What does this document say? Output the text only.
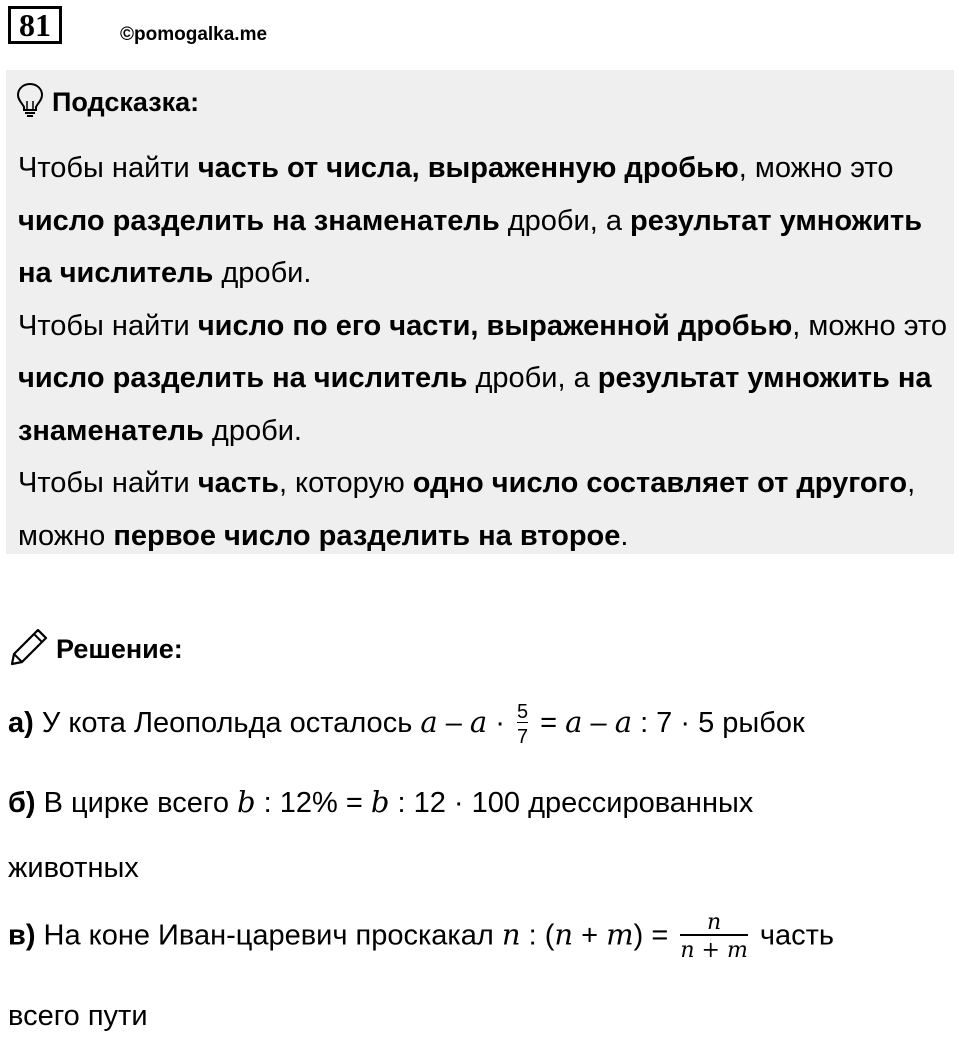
81	©pomogalka.me
Подсказка:

Чтобы найти часть от числа, выраженную дробью, можно это число разделить на знаменатель дроби, а результат умножить на числитель дроби.

Чтобы найти число по его части, выраженной дробью, можно это число разделить на числитель дроби, а результат умножить на знаменатель дроби.

Чтобы найти часть, которую одно число составляет от другого, можно первое число разделить на второе.

Решение:
а) У кота Леопольда осталось $a - a \cdot \frac{5}{7} = a - a$ : 7 · 5 рыбок
б) В цирке всего b : 12% = b : 12 · 100 дрессированных
животных
в) На коне Иван-царевич проскакал n : $(n + m) = \frac{n}{n + m}$ часть
всего пути
